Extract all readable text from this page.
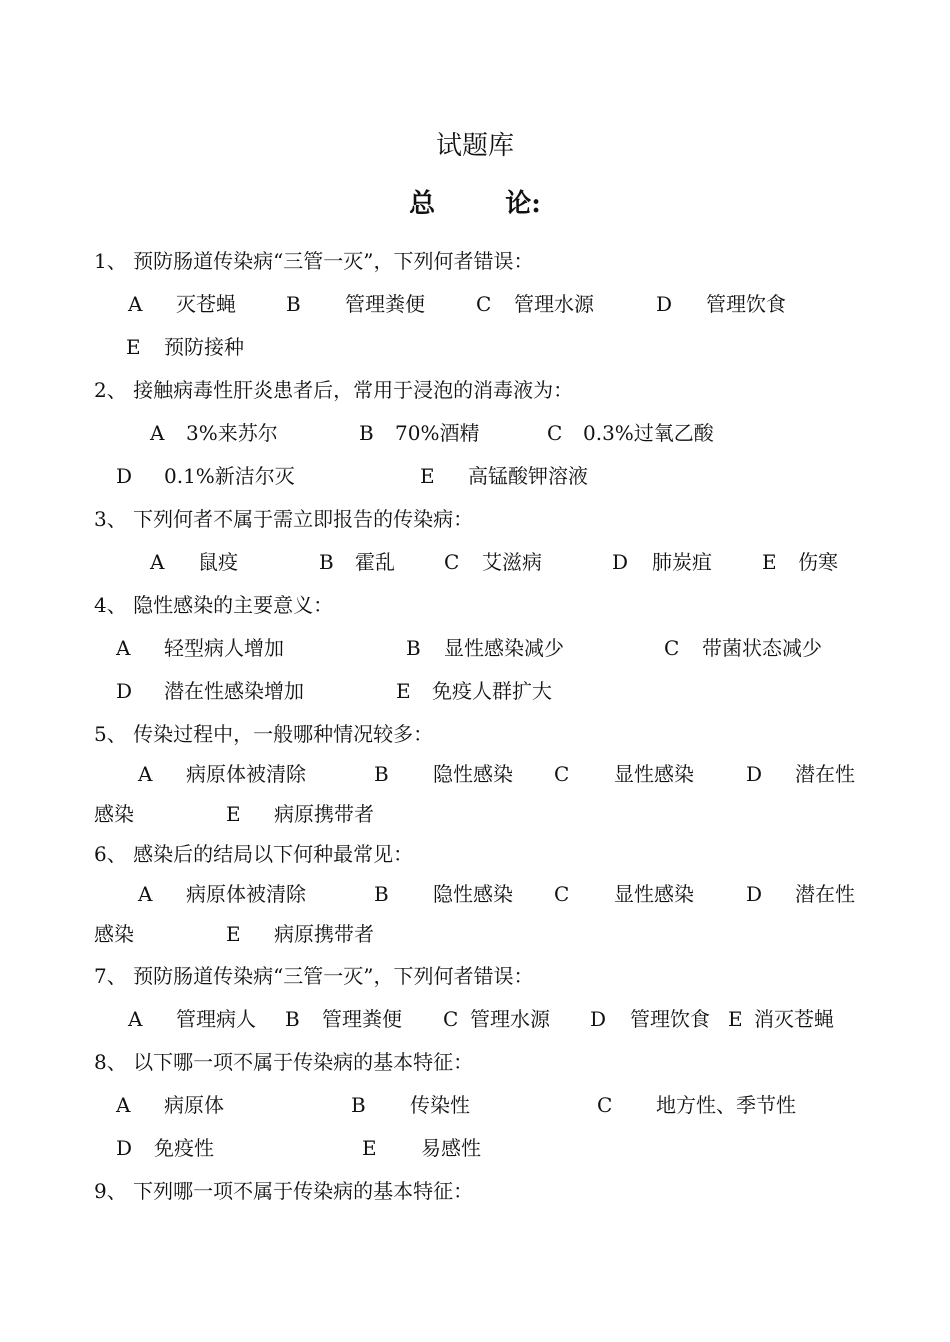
试题库
总	论:
1、 预防肠道传染病“三管一灭”，下列何者错误：
A 灭苍蝇	B 管理粪便	C 管理水源	D 管理饮食
E 预防接种
2、 接触病毒性肝炎患者后，常用于浸泡的消毒液为：
A 3%来苏尔	B 70%酒精	C 0.3%过氧乙酸
D 0.1%新洁尔灭	E 高锰酸钾溶液
3、 下列何者不属于需立即报告的传染病：
A 鼠疫	B 霍乱 C 艾滋病	D 肺炭疽	E 伤寒
4、 隐性感染的主要意义：
A 轻型病人增加	B 显性感染减少	C 带菌状态减少
D 潜在性感染增加	E 免疫人群扩大
5、 传染过程中，一般哪种情况较多：
A 病原体被清除	B 隐性感染 C 显性感染	D 潜在性
感染	E 病原携带者
6、 感染后的结局以下何种最常见：
A 病原体被清除	B 隐性感染 C 显性感染	D 潜在性
感染	E 病原携带者
7、 预防肠道传染病“三管一灭”，下列何者错误：
A 管理病人 B 管理粪便 C 管理水源 D 管理饮食 E 消灭苍蝇
8、 以下哪一项不属于传染病的基本特征：
A 病原体	B 传染性	C 地方性、季节性
D 免疫性	E 易感性
9、 下列哪一项不属于传染病的基本特征：
